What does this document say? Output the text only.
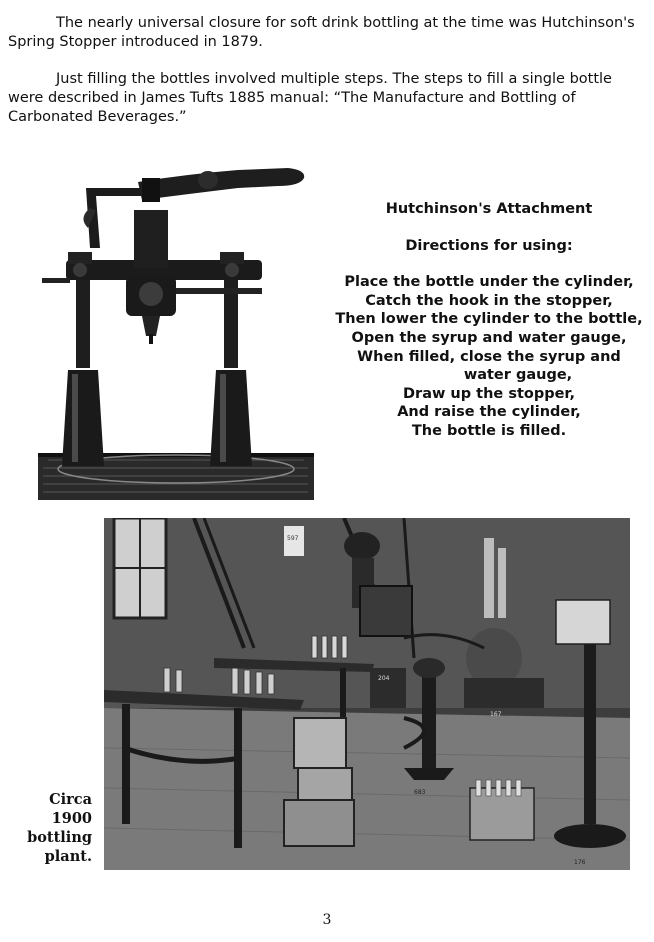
The nearly universal closure for soft drink bottling at the time was Hutchinson's Spring Stopper introduced in 1879.

Just filling the bottles involved multiple steps. The steps to fill a single bottle were described in James Tufts 1885 manual: “The Manufacture and Bottling of Carbonated Beverages.”

Hutchinson's Attachment

Directions for using:

Place the bottle under the cylinder,
Catch the hook in the stopper,
Then lower the cylinder to the bottle,
Open the syrup and water gauge,
When filled, close the syrup and
water gauge,
Draw up the stopper,
And raise the cylinder,
The bottle is filled.
597
204
683
167
176
Circa
1900
bottling
plant.
3
